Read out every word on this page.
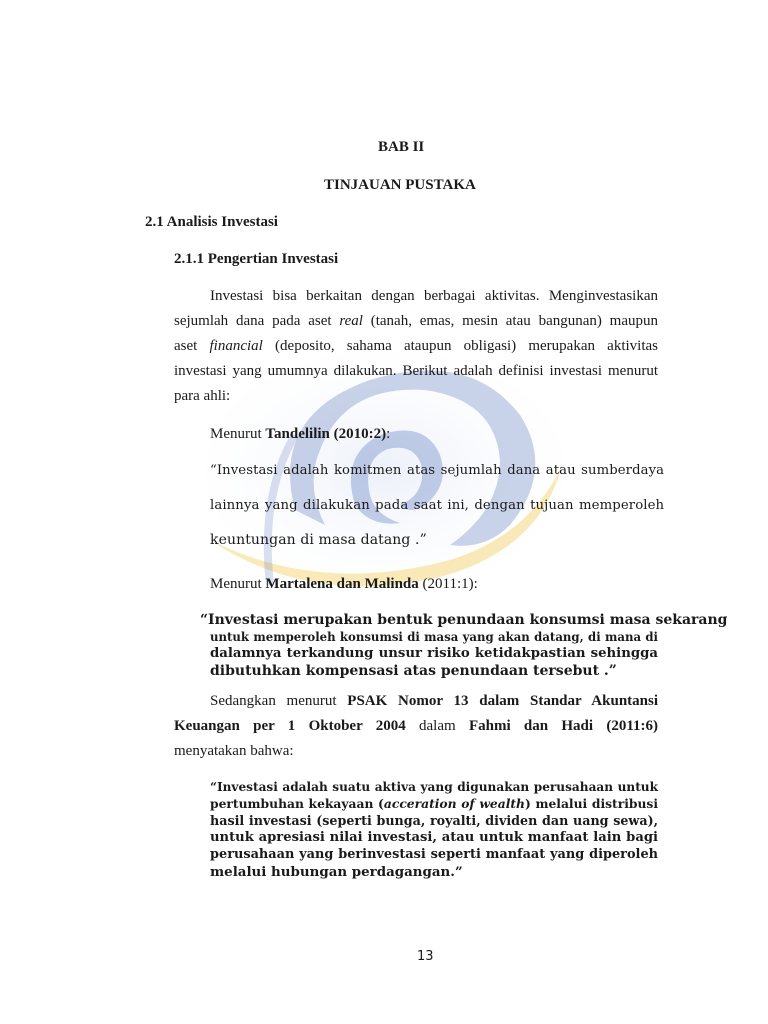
BAB II
TINJAUAN PUSTAKA
2.1 Analisis Investasi
2.1.1 Pengertian Investasi
Investasi bisa berkaitan dengan berbagai aktivitas. Menginvestasikan
sejumlah dana pada aset real (tanah, emas, mesin atau bangunan) maupun
aset financial (deposito, sahama ataupun obligasi) merupakan aktivitas
investasi yang umumnya dilakukan. Berikut adalah definisi investasi menurut
para ahli:
Menurut Tandelilin (2010:2):
“Investasi adalah komitmen atas sejumlah dana atau sumberdaya
lainnya yang dilakukan pada saat ini, dengan tujuan memperoleh
keuntungan di masa datang .”
Menurut Martalena dan Malinda (2011:1):
“Investasi merupakan bentuk penundaan konsumsi masa sekarang
untuk memperoleh konsumsi di masa yang akan datang, di mana di
dalamnya terkandung unsur risiko ketidakpastian sehingga
dibutuhkan kompensasi atas penundaan tersebut .”
Sedangkan menurut PSAK Nomor 13 dalam Standar Akuntansi
Keuangan per 1 Oktober 2004 dalam Fahmi dan Hadi (2011:6)
menyatakan bahwa:
“Investasi adalah suatu aktiva yang digunakan perusahaan untuk
pertumbuhan kekayaan (acceration of wealth) melalui distribusi
hasil investasi (seperti bunga, royalti, dividen dan uang sewa),
untuk apresiasi nilai investasi, atau untuk manfaat lain bagi
perusahaan yang berinvestasi seperti manfaat yang diperoleh
melalui hubungan perdagangan.”
13
